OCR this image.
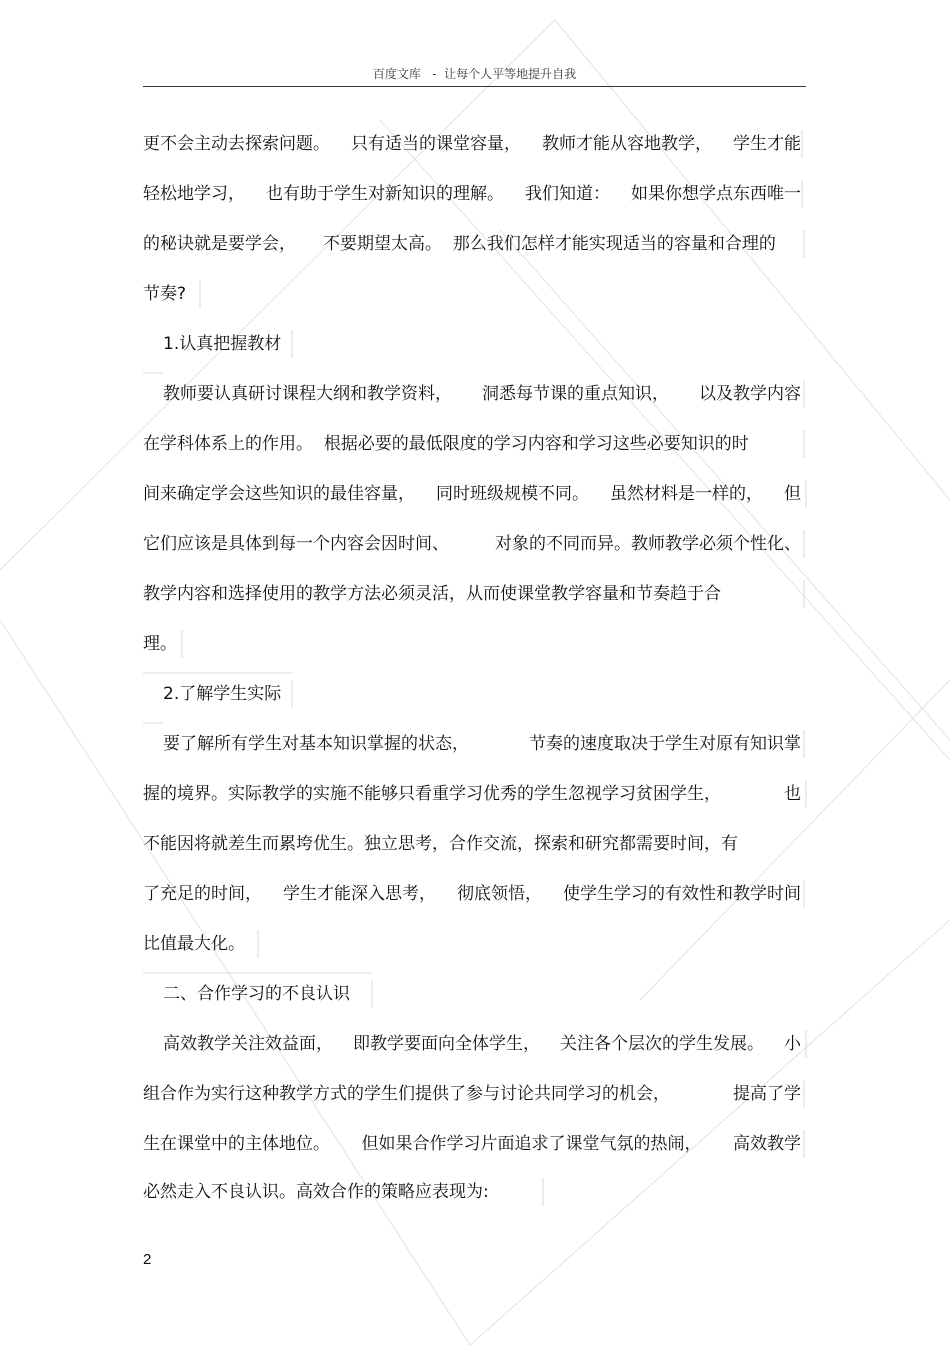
百度文库 - 让每个人平等地提升自我
更不会主动去探索问题。 只有适当的课堂容量， 教师才能从容地教学， 学生才能
轻松地学习， 也有助于学生对新知识的理解。 我们知道： 如果你想学点东西唯一
的秘诀就是要学会， 不要期望太高。 那么我们怎样才能实现适当的容量和合理的
节奏?
1.认真把握教材
教师要认真研讨课程大纲和教学资料， 洞悉每节课的重点知识， 以及教学内容
在学科体系上的作用。 根据必要的最低限度的学习内容和学习这些必要知识的时
间来确定学会这些知识的最佳容量， 同时班级规模不同。 虽然材料是一样的， 但
它们应该是具体到每一个内容会因时间、	对象的不同而异。教师教学必须个性化、
教学内容和选择使用的教学方法必须灵活，从而使课堂教学容量和节奏趋于合
理。
2.了解学生实际
要了解所有学生对基本知识掌握的状态，	节奏的速度取决于学生对原有知识掌
握的境界。实际教学的实施不能够只看重学习优秀的学生忽视学习贫困学生，	也
不能因将就差生而累垮优生。独立思考，合作交流，探索和研究都需要时间，有
了充足的时间， 学生才能深入思考， 彻底领悟， 使学生学习的有效性和教学时间
比值最大化。
二、合作学习的不良认识
高效教学关注效益面， 即教学要面向全体学生， 关注各个层次的学生发展。 小
组合作为实行这种教学方式的学生们提供了参与讨论共同学习的机会，	提高了学
生在课堂中的主体地位。 但如果合作学习片面追求了课堂气氛的热闹， 高效教学
必然走入不良认识。高效合作的策略应表现为:
2
